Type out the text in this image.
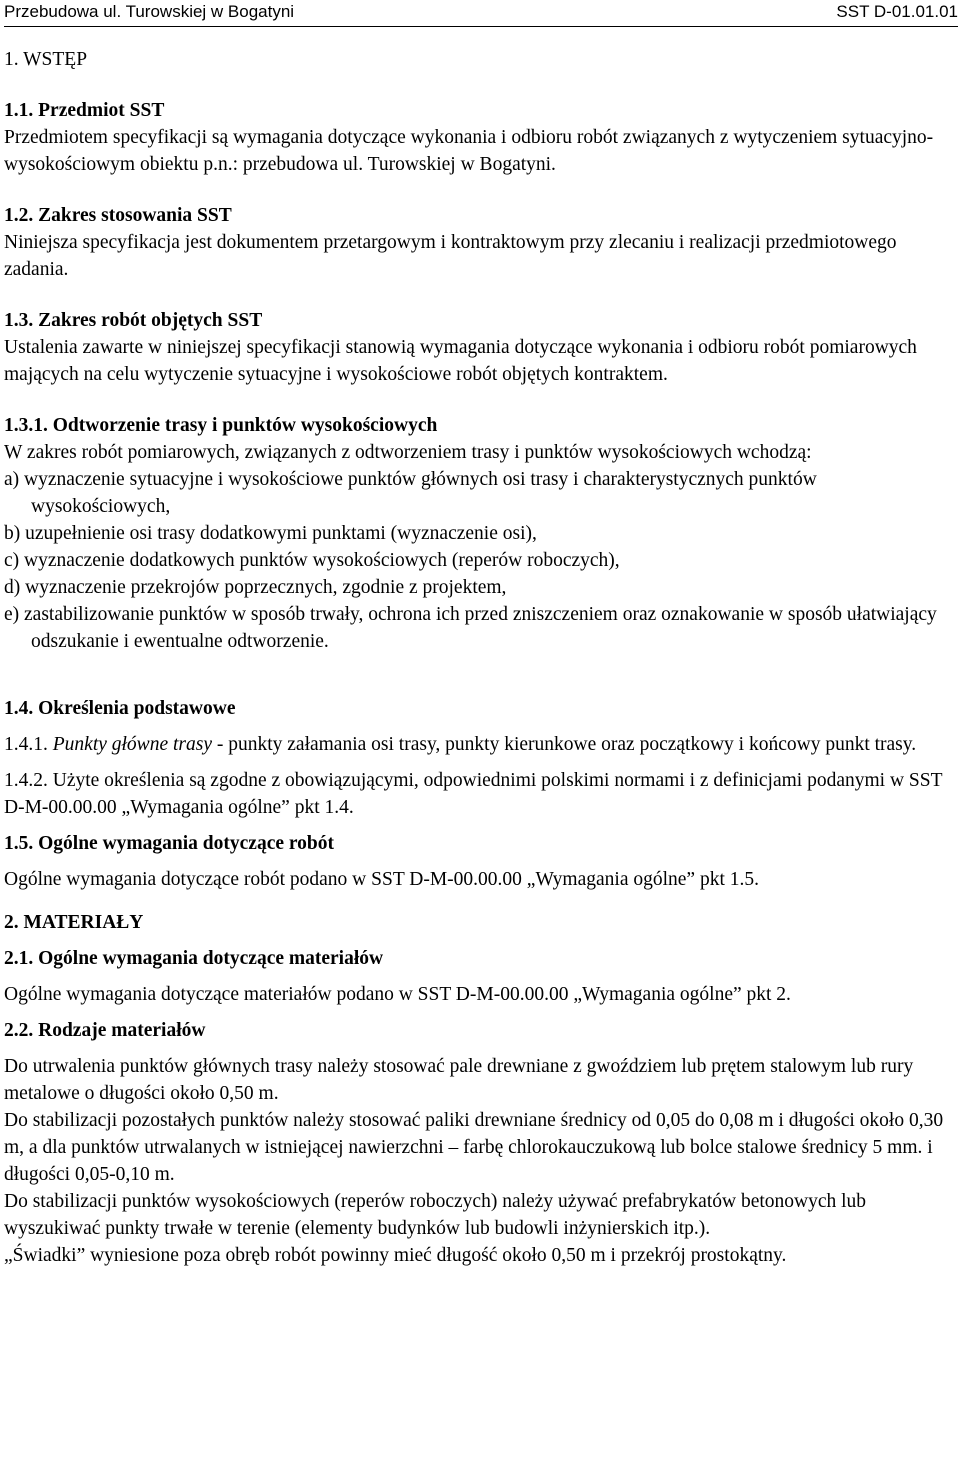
Przebudowa ul. Turowskiej w Bogatyni	SST D-01.01.01
1. WSTĘP
1.1. Przedmiot SST

Przedmiotem specyfikacji są wymagania dotyczące wykonania i odbioru robót związanych z wytyczeniem sytuacyjno-wysokościowym obiektu p.n.: przebudowa ul. Turowskiej w Bogatyni.

1.2. Zakres stosowania SST

Niniejsza specyfikacja jest dokumentem przetargowym i kontraktowym przy zlecaniu i realizacji przedmiotowego zadania.

1.3. Zakres robót objętych SST

Ustalenia zawarte w niniejszej specyfikacji stanowią wymagania dotyczące wykonania i odbioru robót pomiarowych mających na celu wytyczenie sytuacyjne i wysokościowe robót objętych kontraktem.

1.3.1. Odtworzenie trasy i punktów wysokościowych

W zakres robót pomiarowych, związanych z odtworzeniem trasy i punktów wysokościowych wchodzą:

a) wyznaczenie sytuacyjne i wysokościowe punktów głównych osi trasy i charakterystycznych punktów wysokościowych,

b) uzupełnienie osi trasy dodatkowymi punktami (wyznaczenie osi),

c) wyznaczenie dodatkowych punktów wysokościowych (reperów roboczych),

d) wyznaczenie przekrojów poprzecznych, zgodnie z projektem,

e) zastabilizowanie punktów w sposób trwały, ochrona ich przed zniszczeniem oraz oznakowanie w sposób ułatwiający odszukanie i ewentualne odtworzenie.

1.4. Określenia podstawowe

1.4.1. Punkty główne trasy - punkty załamania osi trasy, punkty kierunkowe oraz początkowy i końcowy punkt trasy.

1.4.2. Użyte określenia są zgodne z obowiązującymi, odpowiednimi polskimi normami i z definicjami podanymi w SST D-M-00.00.00 „Wymagania ogólne” pkt 1.4.

1.5. Ogólne wymagania dotyczące robót

Ogólne wymagania dotyczące robót podano w SST D-M-00.00.00 „Wymagania ogólne” pkt 1.5.

2. MATERIAŁY
2.1. Ogólne wymagania dotyczące materiałów

Ogólne wymagania dotyczące materiałów podano w SST D-M-00.00.00 „Wymagania ogólne” pkt 2.

2.2. Rodzaje materiałów

Do utrwalenia punktów głównych trasy należy stosować pale drewniane z gwoździem lub prętem stalowym lub rury metalowe o długości około 0,50 m.

Do stabilizacji pozostałych punktów należy stosować paliki drewniane średnicy od 0,05 do 0,08 m i długości około 0,30 m, a dla punktów utrwalanych w istniejącej nawierzchni – farbę chlorokauczukową lub bolce stalowe średnicy 5 mm. i długości 0,05-0,10 m.

Do stabilizacji punktów wysokościowych (reperów roboczych) należy używać prefabrykatów betonowych lub wyszukiwać punkty trwałe w terenie (elementy budynków lub budowli inżynierskich itp.).

„Świadki” wyniesione poza obręb robót powinny mieć długość około 0,50 m i przekrój prostokątny.
